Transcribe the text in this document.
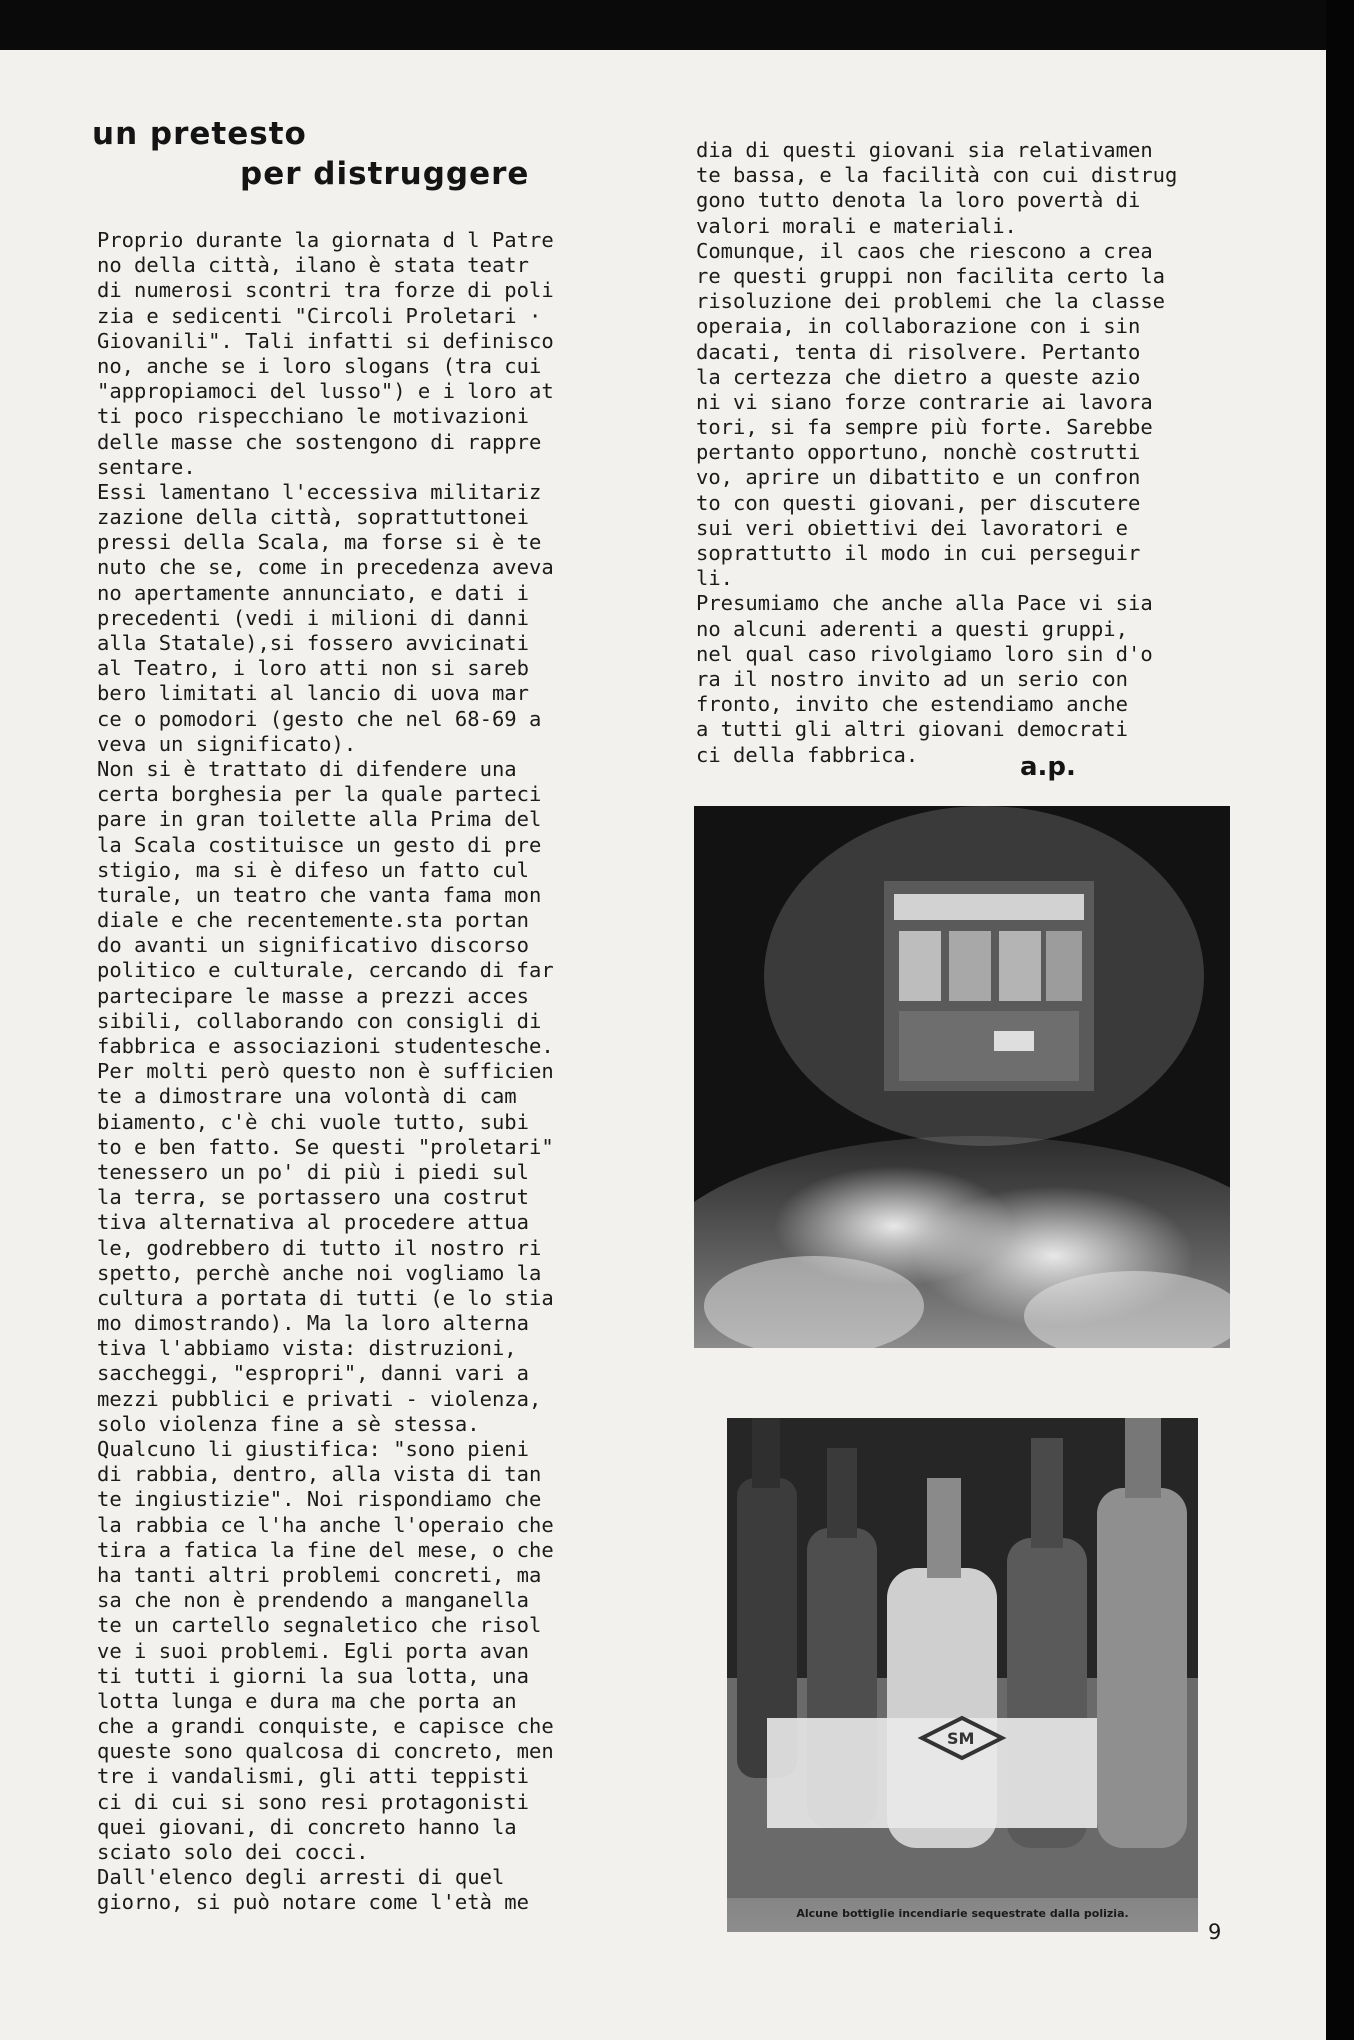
un pretesto
per distruggere
Proprio durante la giornata d l Patre
no della città, ilano è stata teatr
di numerosi scontri tra forze di poli
zia e sedicenti "Circoli Proletari ·
Giovanili". Tali infatti si definisco
no, anche se i loro slogans (tra cui
"appropiamoci del lusso") e i loro at
ti poco rispecchiano le motivazioni
delle masse che sostengono di rappre
sentare.
Essi lamentano l'eccessiva militariz
zazione della città, soprattuttonei
pressi della Scala, ma forse si è te
nuto che se, come in precedenza aveva
no apertamente annunciato, e dati i
precedenti (vedi i milioni di danni
alla Statale),si fossero avvicinati
al Teatro, i loro atti non si sareb
bero limitati al lancio di uova mar
ce o pomodori (gesto che nel 68-69 a
veva un significato).
Non si è trattato di difendere una
certa borghesia per la quale parteci
pare in gran toilette alla Prima del
la Scala costituisce un gesto di pre
stigio, ma si è difeso un fatto cul
turale, un teatro che vanta fama mon
diale e che recentemente.sta portan
do avanti un significativo discorso
politico e culturale, cercando di far
partecipare le masse a prezzi acces
sibili, collaborando con consigli di
fabbrica e associazioni studentesche.
Per molti però questo non è sufficien
te a dimostrare una volontà di cam
biamento, c'è chi vuole tutto, subi
to e ben fatto. Se questi "proletari"
tenessero un po' di più i piedi sul
la terra, se portassero una costrut
tiva alternativa al procedere attua
le, godrebbero di tutto il nostro ri
spetto, perchè anche noi vogliamo la
cultura a portata di tutti (e lo stia
mo dimostrando). Ma la loro alterna
tiva l'abbiamo vista: distruzioni,
saccheggi, "espropri", danni vari a
mezzi pubblici e privati - violenza,
solo violenza fine a sè stessa.
Qualcuno li giustifica: "sono pieni
di rabbia, dentro, alla vista di tan
te ingiustizie". Noi rispondiamo che
la rabbia ce l'ha anche l'operaio che
tira a fatica la fine del mese, o che
ha tanti altri problemi concreti, ma
sa che non è prendendo a manganella
te un cartello segnaletico che risol
ve i suoi problemi. Egli porta avan
ti tutti i giorni la sua lotta, una
lotta lunga e dura ma che porta an
che a grandi conquiste, e capisce che
queste sono qualcosa di concreto, men
tre i vandalismi, gli atti teppisti
ci di cui si sono resi protagonisti
quei giovani, di concreto hanno la
sciato solo dei cocci.
Dall'elenco degli arresti di quel
giorno, si può notare come l'età me
dia di questi giovani sia relativamen
te bassa, e la facilità con cui distrug
gono tutto denota la loro povertà di
valori morali e materiali.
Comunque, il caos che riescono a crea
re questi gruppi non facilita certo la
risoluzione dei problemi che la classe
operaia, in collaborazione con i sin
dacati, tenta di risolvere. Pertanto
la certezza che dietro a queste azio
ni vi siano forze contrarie ai lavora
tori, si fa sempre più forte. Sarebbe
pertanto opportuno, nonchè costrutti
vo, aprire un dibattito e un confron
to con questi giovani, per discutere
sui veri obiettivi dei lavoratori e
soprattutto il modo in cui perseguir
li.
Presumiamo che anche alla Pace vi sia
no alcuni aderenti a questi gruppi,
nel qual caso rivolgiamo loro sin d'o
ra il nostro invito ad un serio con
fronto, invito che estendiamo anche
a tutti gli altri giovani democrati
ci della fabbrica.	a.p.
SM
Alcune bottiglie incendiarie sequestrate dalla polizia.
9
